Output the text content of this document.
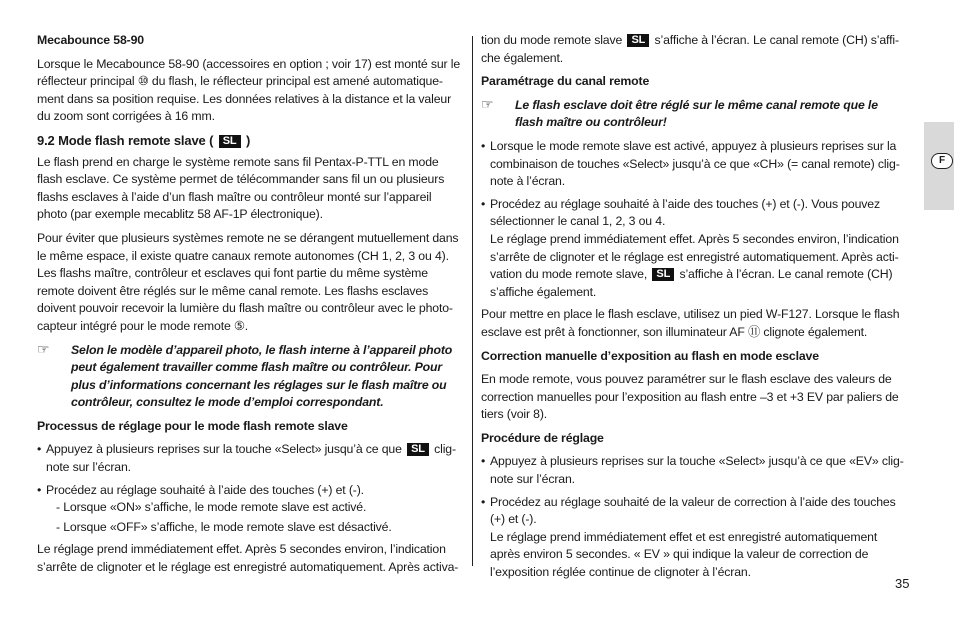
Mecabounce 58-90

Lorsque le Mecabounce 58-90 (accessoires en option ; voir 17) est monté sur le réflecteur principal ⑩ du flash, le réflecteur principal est amené automatiquement dans sa position requise. Les données relatives à la distance et la valeur du zoom sont corrigées à 16 mm.

9.2 Mode flash remote slave ( SL )

Le flash prend en charge le système remote sans fil Pentax-P-TTL en mode flash esclave. Ce système permet de télécommander sans fil un ou plusieurs flashs esclaves à l’aide d’un flash maître ou contrôleur monté sur l’appareil photo (par exemple mecablitz 58 AF-1P électronique).

Pour éviter que plusieurs systèmes remote ne se dérangent mutuellement dans le même espace, il existe quatre canaux remote autonomes (CH 1, 2, 3 ou 4). Les flashs maître, contrôleur et esclaves qui font partie du même système remote doivent être réglés sur le même canal remote. Les flashs esclaves doivent pouvoir recevoir la lumière du flash maître ou contrôleur avec le photo-capteur intégré pour le mode remote ⑤.

☞ Selon le modèle d’appareil photo, le flash interne à l’appareil photo peut également travailler comme flash maître ou contrôleur. Pour plus d’informations concernant les réglages sur le flash maître ou contrôleur, consultez le mode d’emploi correspondant.
Processus de réglage pour le mode flash remote slave
• Appuyez à plusieurs reprises sur la touche «Select» jusqu’à ce que SL clignote sur l’écran.
• Procédez au réglage souhaité à l’aide des touches (+) et (-).
- Lorsque «ON» s’affiche, le mode remote slave est activé.
- Lorsque «OFF» s’affiche, le mode remote slave est désactivé.

Le réglage prend immédiatement effet. Après 5 secondes environ, l’indication s’arrête de clignoter et le réglage est enregistré automatiquement. Après activa-

tion du mode remote slave SL s’affiche à l’écran. Le canal remote (CH) s’affiche également.

Paramétrage du canal remote
☞ Le flash esclave doit être réglé sur le même canal remote que le flash maître ou contrôleur!
• Lorsque le mode remote slave est activé, appuyez à plusieurs reprises sur la combinaison de touches «Select» jusqu’à ce que «CH» (= canal remote) clignote à l’écran.
• Procédez au réglage souhaité à l’aide des touches (+) et (-). Vous pouvez sélectionner le canal 1, 2, 3 ou 4.
Le réglage prend immédiatement effet. Après 5 secondes environ, l’indication s’arrête de clignoter et le réglage est enregistré automatiquement. Après activation du mode remote slave, SL s’affiche à l’écran. Le canal remote (CH) s’affiche également.

Pour mettre en place le flash esclave, utilisez un pied W-F127. Lorsque le flash esclave est prêt à fonctionner, son illuminateur AF ⑪ clignote également.

Correction manuelle d’exposition au flash en mode esclave

En mode remote, vous pouvez paramétrer sur le flash esclave des valeurs de correction manuelles pour l’exposition au flash entre –3 et +3 EV par paliers de tiers (voir 8).

Procédure de réglage
• Appuyez à plusieurs reprises sur la touche «Select» jusqu’à ce que «EV» clignote sur l’écran.
• Procédez au réglage souhaité de la valeur de correction à l’aide des touches (+) et (-).
Le réglage prend immédiatement effet et est enregistré automatiquement après environ 5 secondes. « EV » qui indique la valeur de correction de l’exposition réglée continue de clignoter à l’écran.
F
35
